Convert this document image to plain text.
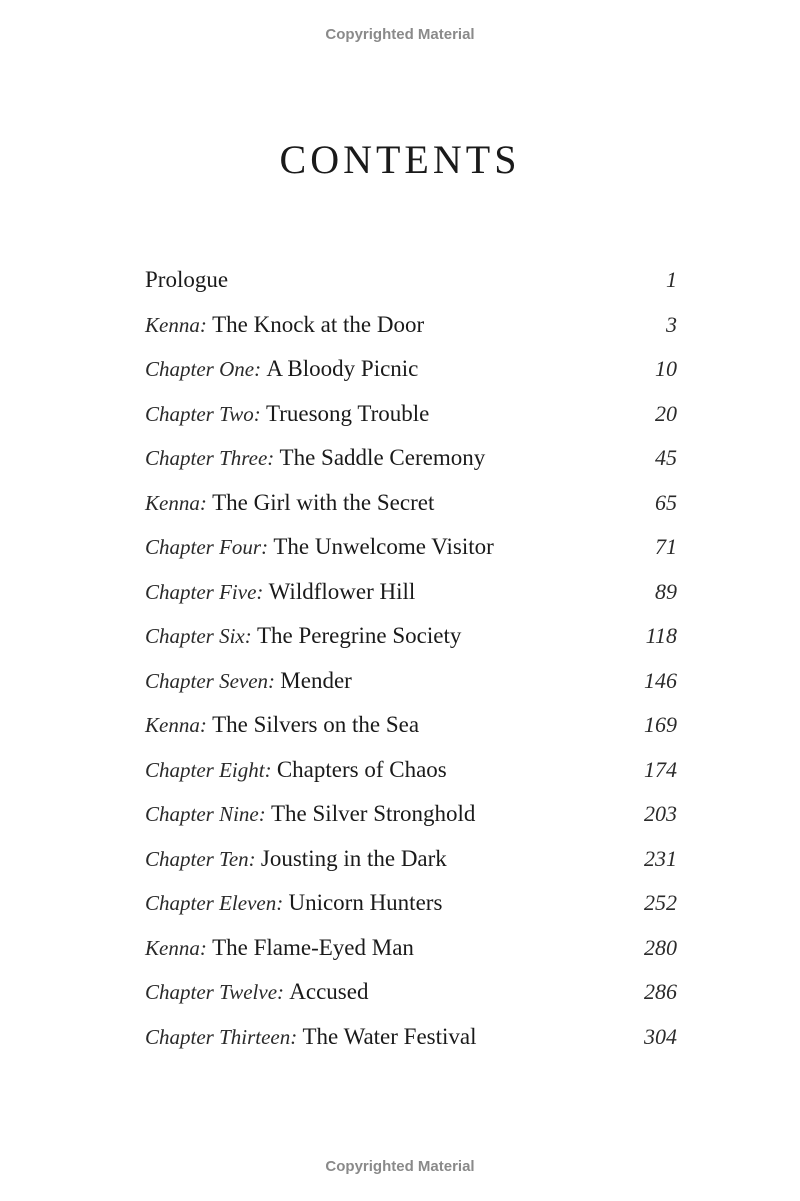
Copyrighted Material
CONTENTS
Prologue	1
Kenna: The Knock at the Door	3
Chapter One: A Bloody Picnic	10
Chapter Two: Truesong Trouble	20
Chapter Three: The Saddle Ceremony	45
Kenna: The Girl with the Secret	65
Chapter Four: The Unwelcome Visitor	71
Chapter Five: Wildflower Hill	89
Chapter Six: The Peregrine Society	118
Chapter Seven: Mender	146
Kenna: The Silvers on the Sea	169
Chapter Eight: Chapters of Chaos	174
Chapter Nine: The Silver Stronghold	203
Chapter Ten: Jousting in the Dark	231
Chapter Eleven: Unicorn Hunters	252
Kenna: The Flame-Eyed Man	280
Chapter Twelve: Accused	286
Chapter Thirteen: The Water Festival	304
Copyrighted Material
